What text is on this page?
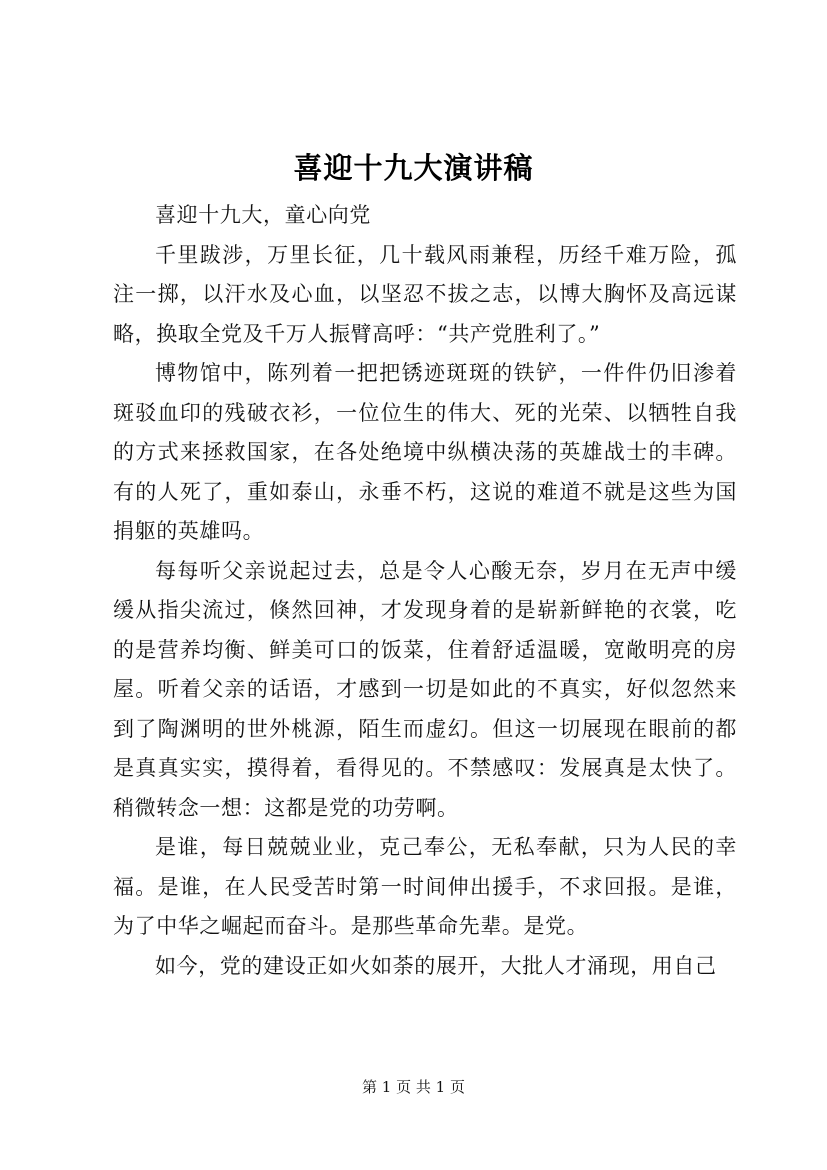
喜迎十九大演讲稿

喜迎十九大，童心向党

千里跋涉，万里长征，几十载风雨兼程，历经千难万险，孤注一掷，以汗水及心血，以坚忍不拔之志，以博大胸怀及高远谋略，换取全党及千万人振臂高呼：“共产党胜利了。”

博物馆中，陈列着一把把锈迹斑斑的铁铲，一件件仍旧渗着斑驳血印的残破衣衫，一位位生的伟大、死的光荣、以牺牲自我的方式来拯救国家，在各处绝境中纵横决荡的英雄战士的丰碑。有的人死了，重如泰山，永垂不朽，这说的难道不就是这些为国捐躯的英雄吗。

每每听父亲说起过去，总是令人心酸无奈，岁月在无声中缓缓从指尖流过，倏然回神，才发现身着的是崭新鲜艳的衣裳，吃的是营养均衡、鲜美可口的饭菜，住着舒适温暖，宽敞明亮的房屋。听着父亲的话语，才感到一切是如此的不真实，好似忽然来到了陶渊明的世外桃源，陌生而虚幻。但这一切展现在眼前的都是真真实实，摸得着，看得见的。不禁感叹：发展真是太快了。稍微转念一想：这都是党的功劳啊。

是谁，每日兢兢业业，克己奉公，无私奉献，只为人民的幸福。是谁，在人民受苦时第一时间伸出援手，不求回报。是谁，为了中华之崛起而奋斗。是那些革命先辈。是党。

如今，党的建设正如火如荼的展开，大批人才涌现，用自己

第 1 页 共 1 页
